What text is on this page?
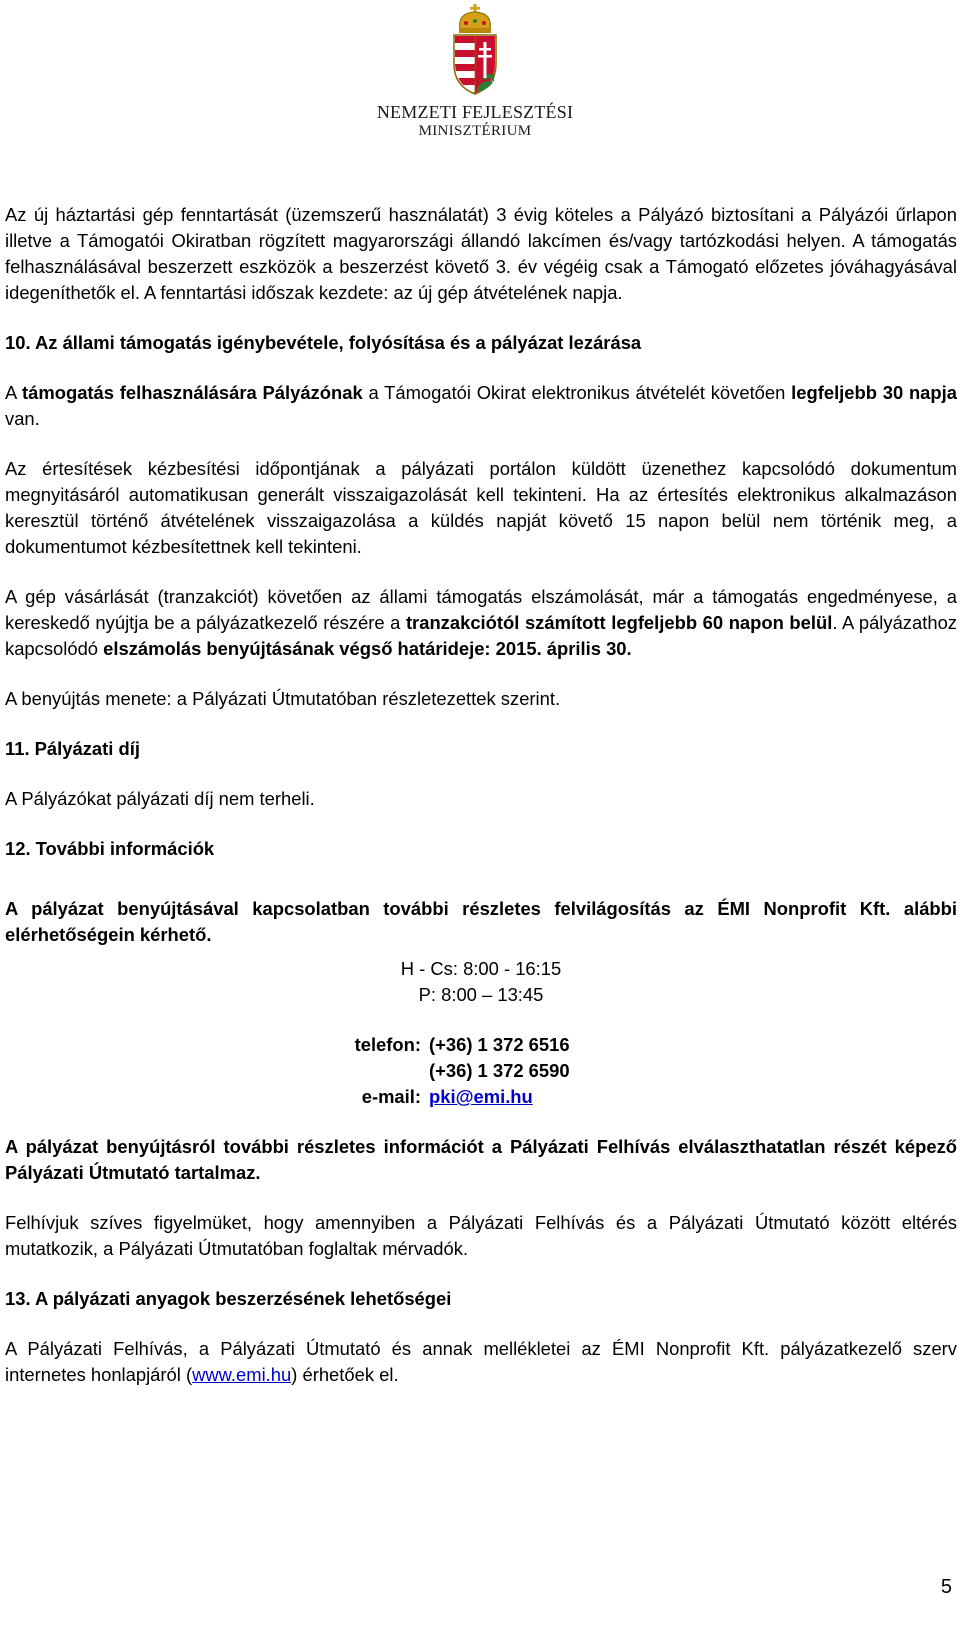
NEMZETI FEJLESZTÉSI
MINISZTÉRIUM

Az új háztartási gép fenntartását (üzemszerű használatát) 3 évig köteles a Pályázó biztosítani a Pályázói űrlapon illetve a Támogatói Okiratban rögzített magyarországi állandó lakcímen és/vagy tartózkodási helyen. A támogatás felhasználásával beszerzett eszközök a beszerzést követő 3. év végéig csak a Támogató előzetes jóváhagyásával idegeníthetők el. A fenntartási időszak kezdete: az új gép átvételének napja.

10. Az állami támogatás igénybevétele, folyósítása és a pályázat lezárása

A támogatás felhasználására Pályázónak a Támogatói Okirat elektronikus átvételét követően legfeljebb 30 napja van.

Az értesítések kézbesítési időpontjának a pályázati portálon küldött üzenethez kapcsolódó dokumentum megnyitásáról automatikusan generált visszaigazolását kell tekinteni. Ha az értesítés elektronikus alkalmazáson keresztül történő átvételének visszaigazolása a küldés napját követő 15 napon belül nem történik meg, a dokumentumot kézbesítettnek kell tekinteni.

A gép vásárlását (tranzakciót) követően az állami támogatás elszámolását, már a támogatás engedményese, a kereskedő nyújtja be a pályázatkezelő részére a tranzakciótól számított legfeljebb 60 napon belül. A pályázathoz kapcsolódó elszámolás benyújtásának végső határideje: 2015. április 30.

A benyújtás menete: a Pályázati Útmutatóban részletezettek szerint.

11. Pályázati díj

A Pályázókat pályázati díj nem terheli.

12. További információk

A pályázat benyújtásával kapcsolatban további részletes felvilágosítás az ÉMI Nonprofit Kft. alábbi elérhetőségein kérhető.

H - Cs: 8:00 - 16:15
P: 8:00 – 13:45
telefon: (+36) 1 372 6516
(+36) 1 372 6590
e-mail: pki@emi.hu

A pályázat benyújtásról további részletes információt a Pályázati Felhívás elválaszthatatlan részét képező Pályázati Útmutató tartalmaz.

Felhívjuk szíves figyelmüket, hogy amennyiben a Pályázati Felhívás és a Pályázati Útmutató között eltérés mutatkozik, a Pályázati Útmutatóban foglaltak mérvadók.

13. A pályázati anyagok beszerzésének lehetőségei

A Pályázati Felhívás, a Pályázati Útmutató és annak mellékletei az ÉMI Nonprofit Kft. pályázatkezelő szerv internetes honlapjáról (www.emi.hu) érhetőek el.

5
